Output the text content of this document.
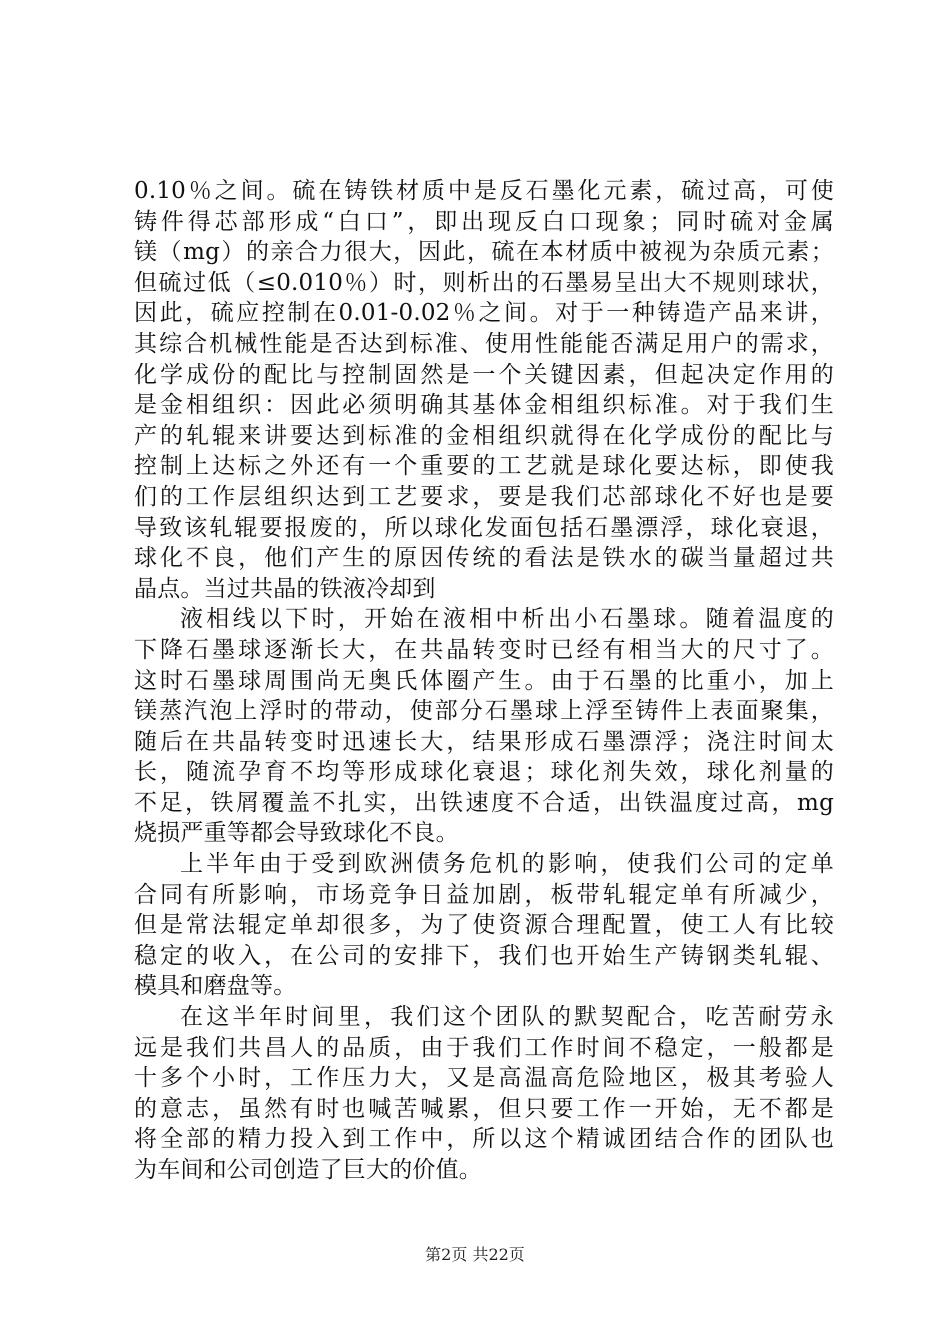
0.10％之间。硫在铸铁材质中是反石墨化元素，硫过高，可使
铸件得芯部形成“白口”，即出现反白口现象；同时硫对金属
镁（mg）的亲合力很大，因此，硫在本材质中被视为杂质元素；
但硫过低（≤0.010％）时，则析出的石墨易呈出大不规则球状，
因此，硫应控制在0.01-0.02％之间。对于一种铸造产品来讲，
其综合机械性能是否达到标准、使用性能能否满足用户的需求，
化学成份的配比与控制固然是一个关键因素，但起决定作用的
是金相组织：因此必须明确其基体金相组织标准。对于我们生
产的轧辊来讲要达到标准的金相组织就得在化学成份的配比与
控制上达标之外还有一个重要的工艺就是球化要达标，即使我
们的工作层组织达到工艺要求，要是我们芯部球化不好也是要
导致该轧辊要报废的，所以球化发面包括石墨漂浮，球化衰退，
球化不良，他们产生的原因传统的看法是铁水的碳当量超过共
晶点。当过共晶的铁液冷却到
液相线以下时，开始在液相中析出小石墨球。随着温度的
下降石墨球逐渐长大，在共晶转变时已经有相当大的尺寸了。
这时石墨球周围尚无奥氏体圈产生。由于石墨的比重小，加上
镁蒸汽泡上浮时的带动，使部分石墨球上浮至铸件上表面聚集，
随后在共晶转变时迅速长大，结果形成石墨漂浮；浇注时间太
长，随流孕育不均等形成球化衰退；球化剂失效，球化剂量的
不足，铁屑覆盖不扎实，出铁速度不合适，出铁温度过高，mg
烧损严重等都会导致球化不良。
上半年由于受到欧洲债务危机的影响，使我们公司的定单
合同有所影响，市场竞争日益加剧，板带轧辊定单有所减少，
但是常法辊定单却很多，为了使资源合理配置，使工人有比较
稳定的收入，在公司的安排下，我们也开始生产铸钢类轧辊、
模具和磨盘等。
在这半年时间里，我们这个团队的默契配合，吃苦耐劳永
远是我们共昌人的品质，由于我们工作时间不稳定，一般都是
十多个小时，工作压力大，又是高温高危险地区，极其考验人
的意志，虽然有时也喊苦喊累，但只要工作一开始，无不都是
将全部的精力投入到工作中，所以这个精诚团结合作的团队也
为车间和公司创造了巨大的价值。
第2页 共22页
